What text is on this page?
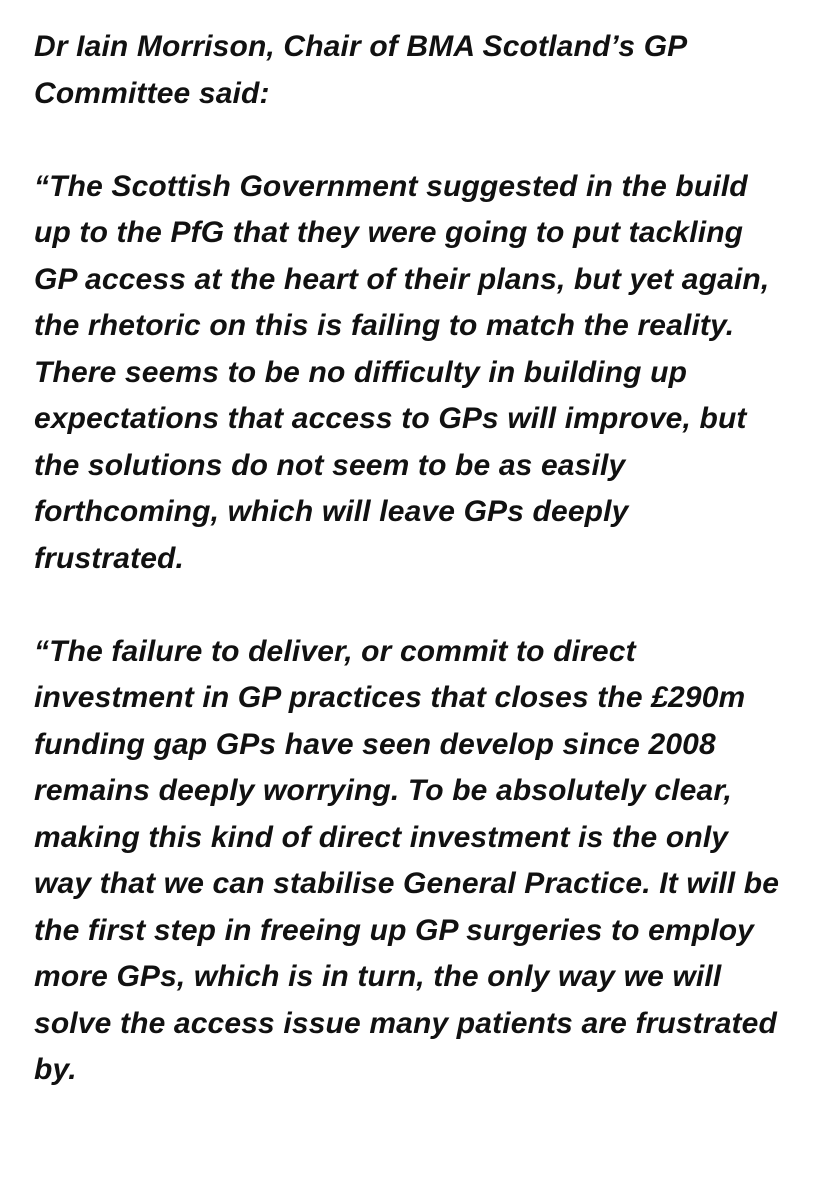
Dr Iain Morrison, Chair of BMA Scotland’s GP
Committee said:
“The Scottish Government suggested in the build
up to the PfG that they were going to put tackling
GP access at the heart of their plans, but yet again,
the rhetoric on this is failing to match the reality.
There seems to be no difficulty in building up
expectations that access to GPs will improve, but
the solutions do not seem to be as easily
forthcoming, which will leave GPs deeply
frustrated.
“The failure to deliver, or commit to direct
investment in GP practices that closes the £290m
funding gap GPs have seen develop since 2008
remains deeply worrying. To be absolutely clear,
making this kind of direct investment is the only
way that we can stabilise General Practice. It will be
the first step in freeing up GP surgeries to employ
more GPs, which is in turn, the only way we will
solve the access issue many patients are frustrated
by.
